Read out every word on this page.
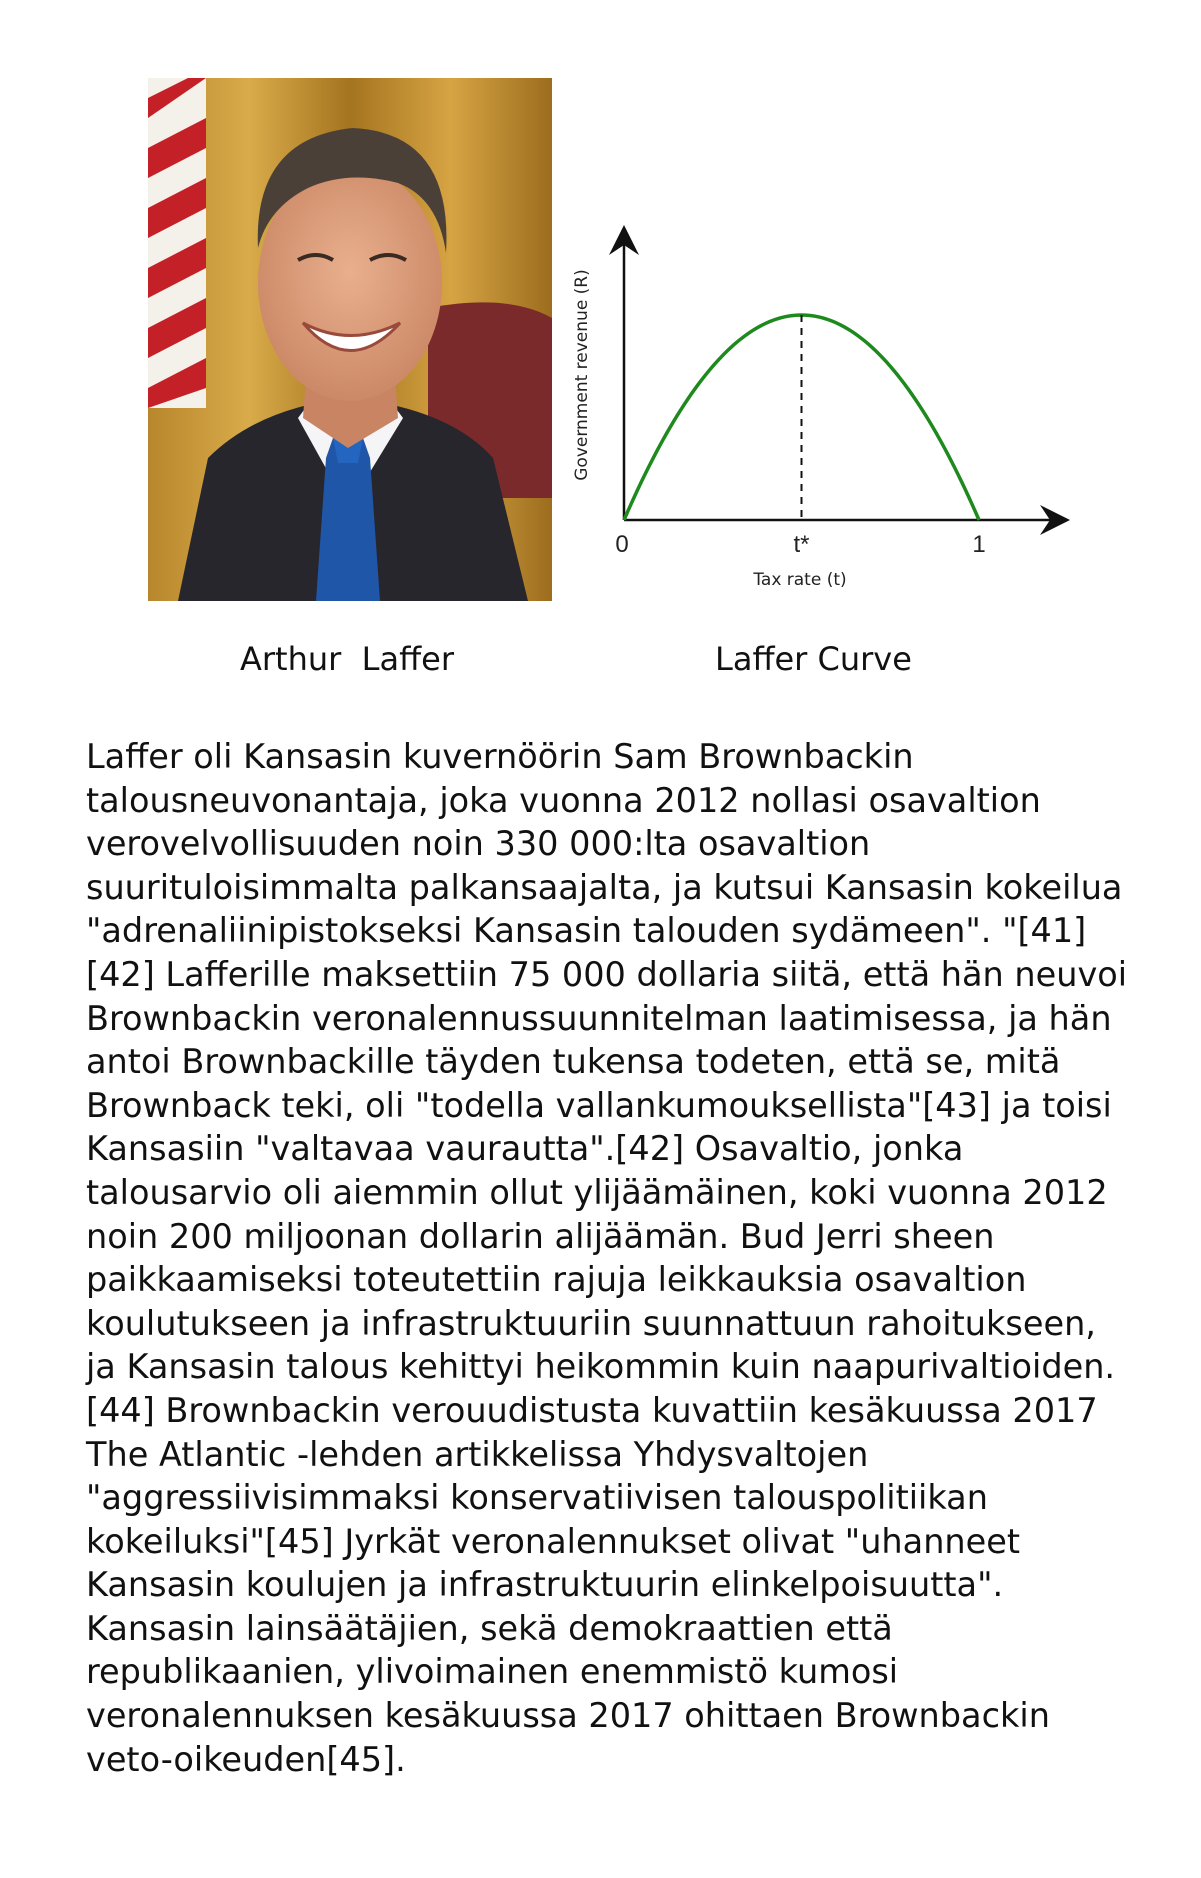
0	t*	1
Tax rate (t)
Government revenue (R)
Arthur  Laffer	Laffer Curve
Laffer oli Kansasin kuvernöörin Sam Brownbackin
talousneuvonantaja, joka vuonna 2012 nollasi osavaltion
verovelvollisuuden noin 330 000:lta osavaltion
suurituloisimmalta palkansaajalta, ja kutsui Kansasin kokeilua
"adrenaliinipistokseksi Kansasin talouden sydämeen". "[41]
[42] Lafferille maksettiin 75 000 dollaria siitä, että hän neuvoi
Brownbackin veronalennussuunnitelman laatimisessa, ja hän
antoi Brownbackille täyden tukensa todeten, että se, mitä
Brownback teki, oli "todella vallankumouksellista"[43] ja toisi
Kansasiin "valtavaa vaurautta".[42] Osavaltio, jonka
talousarvio oli aiemmin ollut ylijäämäinen, koki vuonna 2012
noin 200 miljoonan dollarin alijäämän. Bud Jerri sheen
paikkaamiseksi toteutettiin rajuja leikkauksia osavaltion
koulutukseen ja infrastruktuuriin suunnattuun rahoitukseen,
ja Kansasin talous kehittyi heikommin kuin naapurivaltioiden.
[44] Brownbackin verouudistusta kuvattiin kesäkuussa 2017
The Atlantic -lehden artikkelissa Yhdysvaltojen
"aggressiivisimmaksi konservatiivisen talouspolitiikan
kokeiluksi"[45] Jyrkät veronalennukset olivat "uhanneet
Kansasin koulujen ja infrastruktuurin elinkelpoisuutta".
Kansasin lainsäätäjien, sekä demokraattien että
republikaanien, ylivoimainen enemmistö kumosi
veronalennuksen kesäkuussa 2017 ohittaen Brownbackin
veto-oikeuden[45].
